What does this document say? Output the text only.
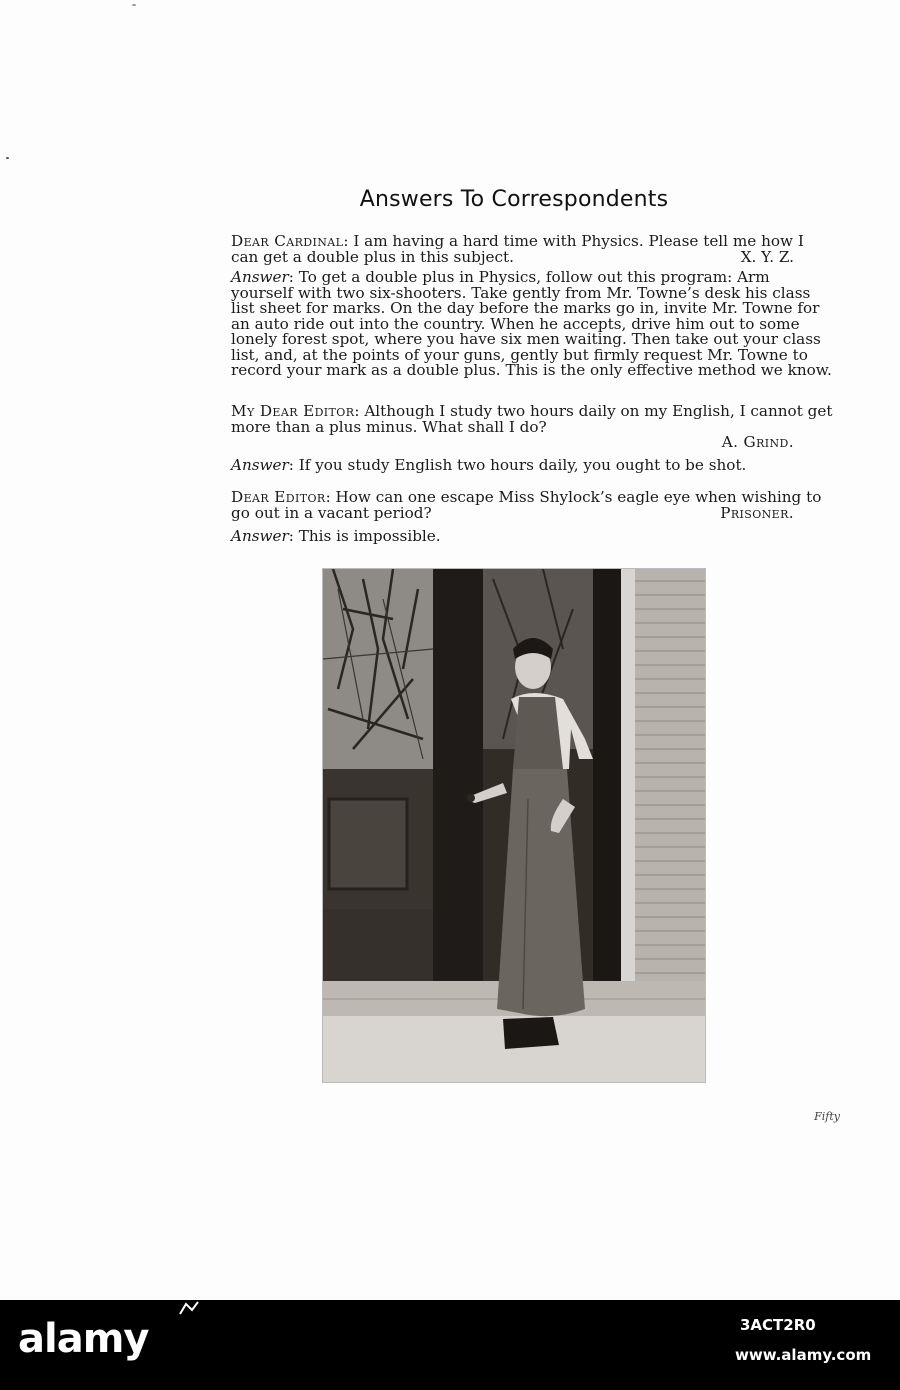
Answers To Correspondents
Dear Cardinal: I am having a hard time with Physics. Please tell me how I can get a double plus in this subject.	X. Y. Z.
Answer: To get a double plus in Physics, follow out this program: Arm yourself with two six-shooters. Take gently from Mr. Towne’s desk his class list sheet for marks. On the day before the marks go in, invite Mr. Towne for an auto ride out into the country. When he accepts, drive him out to some lonely forest spot, where you have six men waiting. Then take out your class list, and, at the points of your guns, gently but firmly request Mr. Towne to record your mark as a double plus. This is the only effective method we know.
My Dear Editor: Although I study two hours daily on my English, I cannot get more than a plus minus. What shall I do?
A. Grind.
Answer: If you study English two hours daily, you ought to be shot.
Dear Editor: How can one escape Miss Shylock’s eagle eye when wishing to go out in a vacant period?	Prisoner.
Answer: This is impossible.
Fifty
alamy	3ACT2R0
www.alamy.com
